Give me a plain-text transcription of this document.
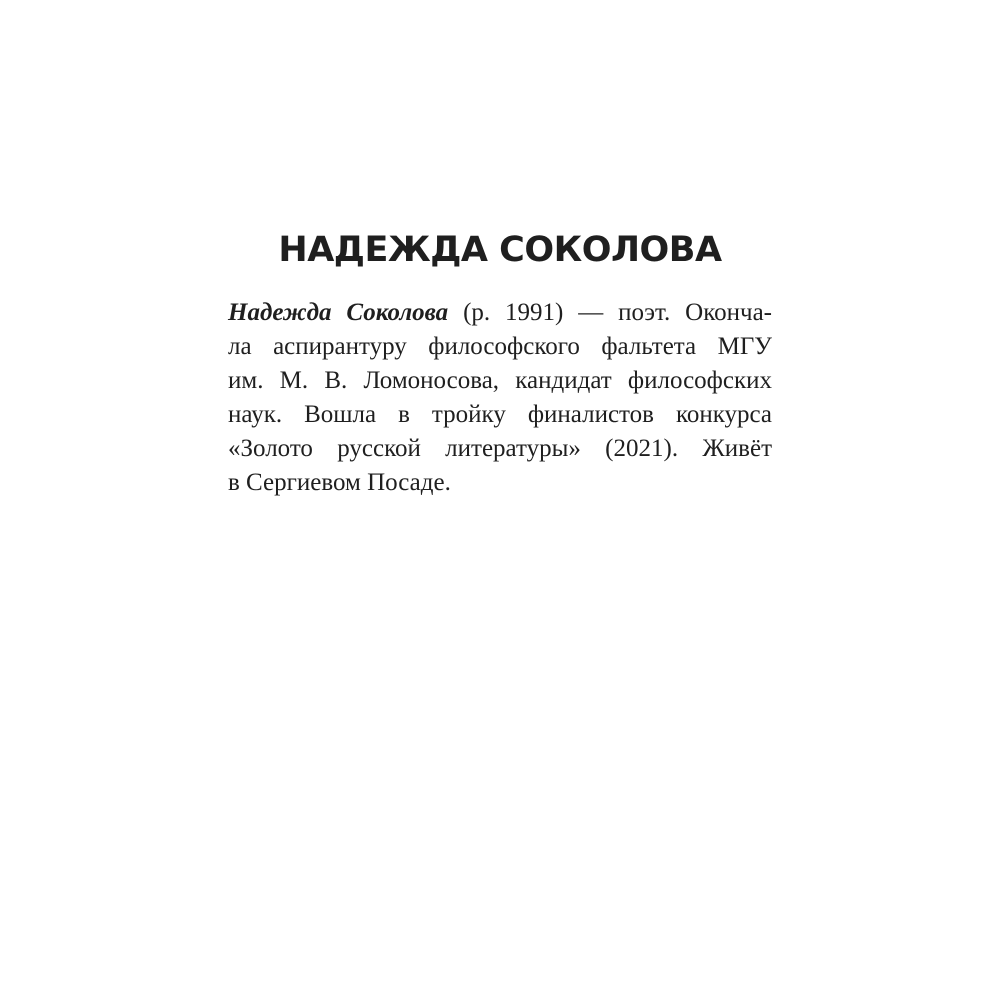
НАДЕЖДА СОКОЛОВА
Надежда Соколова (р. 1991) — поэт. Оконча-
ла аспирантуру философского фальтета МГУ
им. М. В. Ломоносова, кандидат философских
наук. Вошла в тройку финалистов конкурса
«Золото русской литературы» (2021). Живёт
в Сергиевом Посаде.
